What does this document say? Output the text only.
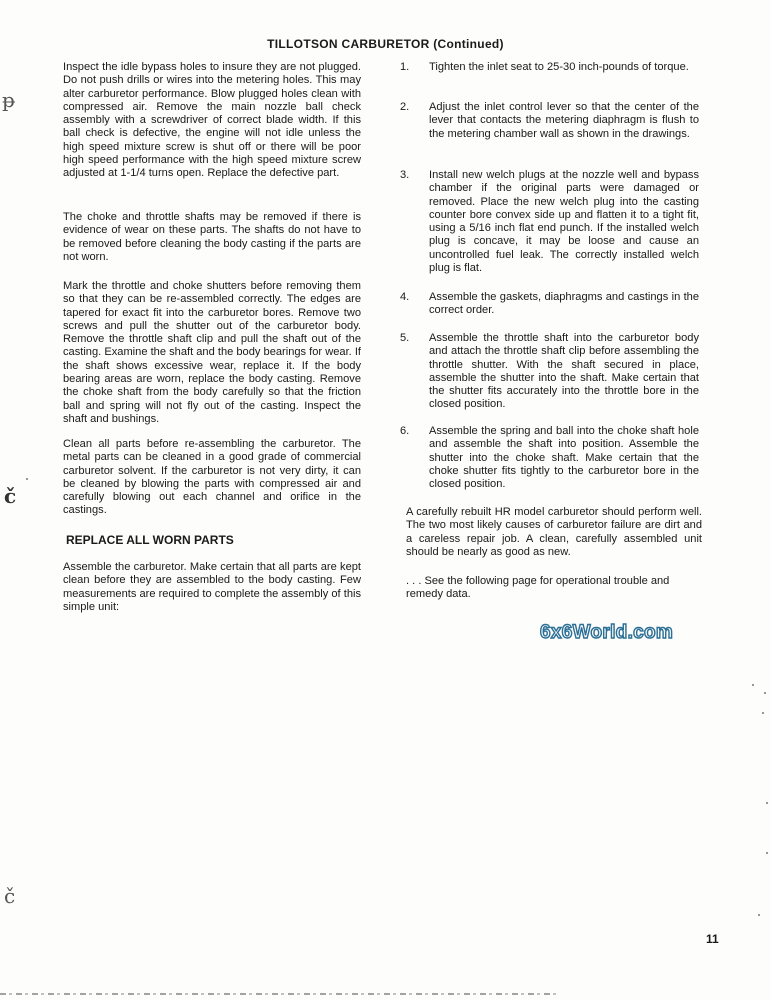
TILLOTSON CARBURETOR (Continued)

Inspect the idle bypass holes to insure they are not plugged. Do not push drills or wires into the metering holes. This may alter carburetor performance. Blow plugged holes clean with compressed air. Remove the main nozzle ball check assembly with a screwdriver of correct blade width. If this ball check is defective, the engine will not idle unless the high speed mixture screw is shut off or there will be poor high speed performance with the high speed mixture screw adjusted at 1-1/4 turns open. Replace the defective part.

The choke and throttle shafts may be removed if there is evidence of wear on these parts. The shafts do not have to be removed before cleaning the body casting if the parts are not worn.

Mark the throttle and choke shutters before removing them so that they can be re-assembled correctly. The edges are tapered for exact fit into the carburetor bores. Remove two screws and pull the shutter out of the carburetor body. Remove the throttle shaft clip and pull the shaft out of the casting. Examine the shaft and the body bearings for wear. If the shaft shows excessive wear, replace it. If the body bearing areas are worn, replace the body casting. Remove the choke shaft from the body carefully so that the friction ball and spring will not fly out of the casting. Inspect the shaft and bushings.

Clean all parts before re-assembling the carburetor. The metal parts can be cleaned in a good grade of commercial carburetor solvent. If the carburetor is not very dirty, it can be cleaned by blowing the parts with compressed air and carefully blowing out each channel and orifice in the castings.

REPLACE ALL WORN PARTS

Assemble the carburetor. Make certain that all parts are kept clean before they are assembled to the body casting. Few measurements are required to complete the assembly of this simple unit:

1. Tighten the inlet seat to 25-30 inch-pounds of torque.

2. Adjust the inlet control lever so that the center of the lever that contacts the metering diaphragm is flush to the metering chamber wall as shown in the drawings.

3. Install new welch plugs at the nozzle well and bypass chamber if the original parts were damaged or removed. Place the new welch plug into the casting counter bore convex side up and flatten it to a tight fit, using a 5/16 inch flat end punch. If the installed welch plug is concave, it may be loose and cause an uncontrolled fuel leak. The correctly installed welch plug is flat.

4. Assemble the gaskets, diaphragms and castings in the correct order.

5. Assemble the throttle shaft into the carburetor body and attach the throttle shaft clip before assembling the throttle shutter. With the shaft secured in place, assemble the shutter into the shaft. Make certain that the shutter fits accurately into the throttle bore in the closed position.

6. Assemble the spring and ball into the choke shaft hole and assemble the shaft into position. Assemble the shutter into the choke shaft. Make certain that the choke shutter fits tightly to the carburetor bore in the closed position.

A carefully rebuilt HR model carburetor should perform well. The two most likely causes of carburetor failure are dirt and a careless repair job. A clean, carefully assembled unit should be nearly as good as new.

. . . See the following page for operational trouble and remedy data.

6x6World.com
11
ᵽ
č
č
